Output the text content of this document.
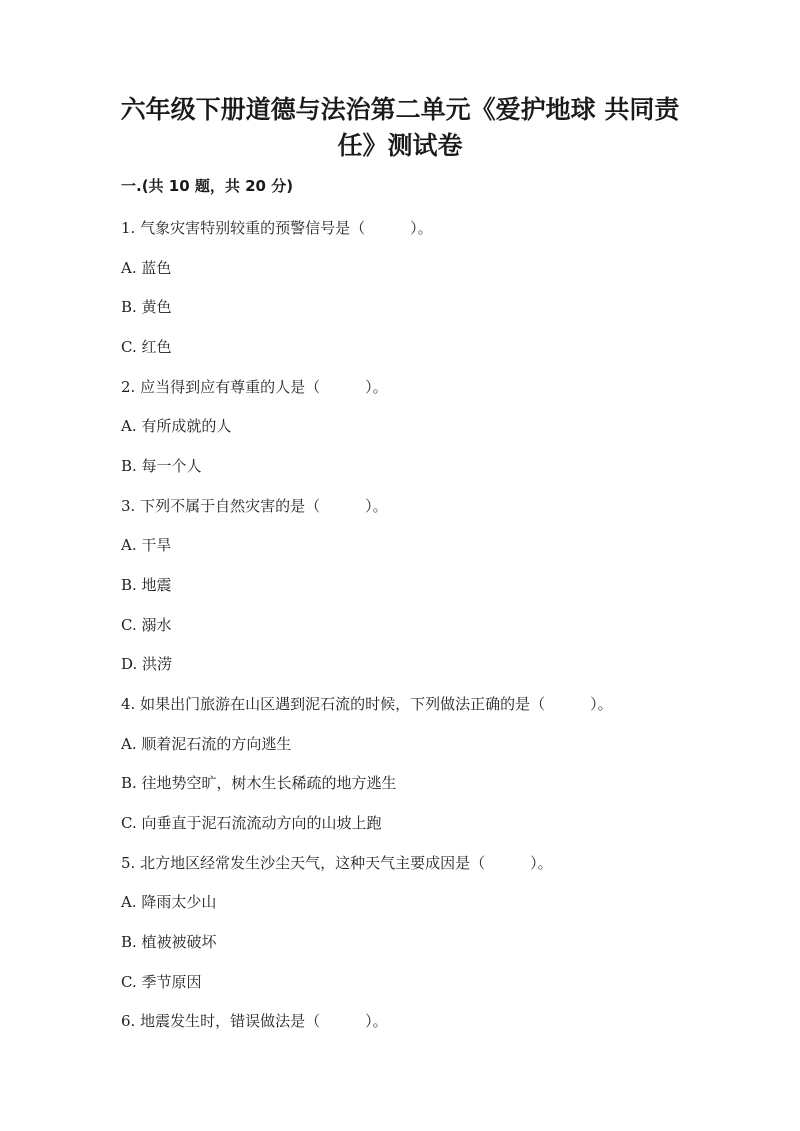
六年级下册道德与法治第二单元《爱护地球 共同责
任》测试卷
一.(共 10 题，共 20 分)
1. 气象灾害特别较重的预警信号是（　　　）。
A. 蓝色
B. 黄色
C. 红色
2. 应当得到应有尊重的人是（　　　）。
A. 有所成就的人
B. 每一个人
3. 下列不属于自然灾害的是（　　　）。
A. 干旱
B. 地震
C. 溺水
D. 洪涝
4. 如果出门旅游在山区遇到泥石流的时候，下列做法正确的是（　　　）。
A. 顺着泥石流的方向逃生
B. 往地势空旷，树木生长稀疏的地方逃生
C. 向垂直于泥石流流动方向的山坡上跑
5. 北方地区经常发生沙尘天气，这种天气主要成因是（　　　）。
A. 降雨太少山
B. 植被被破坏
C. 季节原因
6. 地震发生时，错误做法是（　　　）。
